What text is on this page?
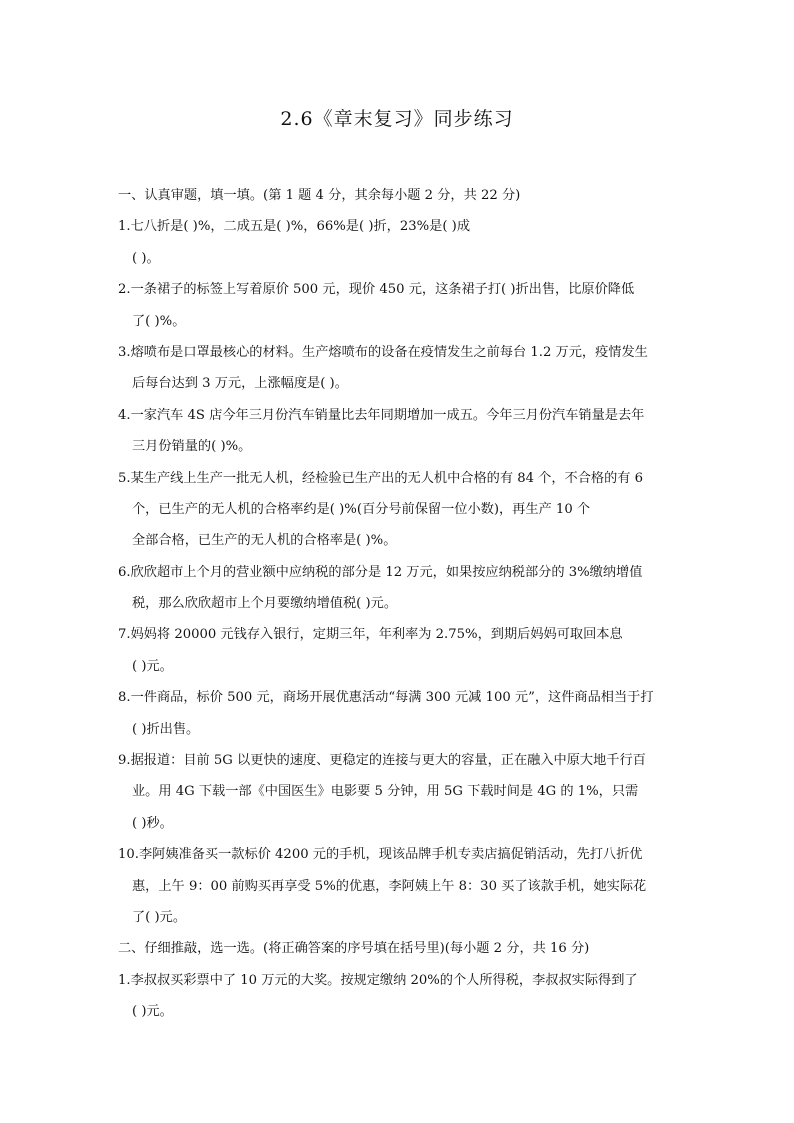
2.6《章末复习》同步练习
一、认真审题，填一填。(第 1 题 4 分，其余每小题 2 分，共 22 分)
1.七八折是( )%，二成五是( )%，66%是( )折，23%是( )成
( )。
2.一条裙子的标签上写着原价 500 元，现价 450 元，这条裙子打( )折出售，比原价降低
了( )%。
3.熔喷布是口罩最核心的材料。生产熔喷布的设备在疫情发生之前每台 1.2 万元，疫情发生
后每台达到 3 万元，上涨幅度是( )。
4.一家汽车 4S 店今年三月份汽车销量比去年同期增加一成五。今年三月份汽车销量是去年
三月份销量的( )%。
5.某生产线上生产一批无人机，经检验已生产出的无人机中合格的有 84 个，不合格的有 6
个，已生产的无人机的合格率约是( )%(百分号前保留一位小数)，再生产 10 个
全部合格，已生产的无人机的合格率是( )%。
6.欣欣超市上个月的营业额中应纳税的部分是 12 万元，如果按应纳税部分的 3%缴纳增值
税，那么欣欣超市上个月要缴纳增值税( )元。
7.妈妈将 20000 元钱存入银行，定期三年，年利率为 2.75%，到期后妈妈可取回本息
( )元。
8.一件商品，标价 500 元，商场开展优惠活动“每满 300 元减 100 元”，这件商品相当于打
( )折出售。
9.据报道：目前 5G 以更快的速度、更稳定的连接与更大的容量，正在融入中原大地千行百
业。用 4G 下载一部《中国医生》电影要 5 分钟，用 5G 下载时间是 4G 的 1%，只需
( )秒。
10.李阿姨准备买一款标价 4200 元的手机，现该品牌手机专卖店搞促销活动，先打八折优
惠，上午 9：00 前购买再享受 5%的优惠，李阿姨上午 8：30 买了该款手机，她实际花
了( )元。
二、仔细推敲，选一选。(将正确答案的序号填在括号里)(每小题 2 分，共 16 分)
1.李叔叔买彩票中了 10 万元的大奖。按规定缴纳 20%的个人所得税，李叔叔实际得到了
( )元。
